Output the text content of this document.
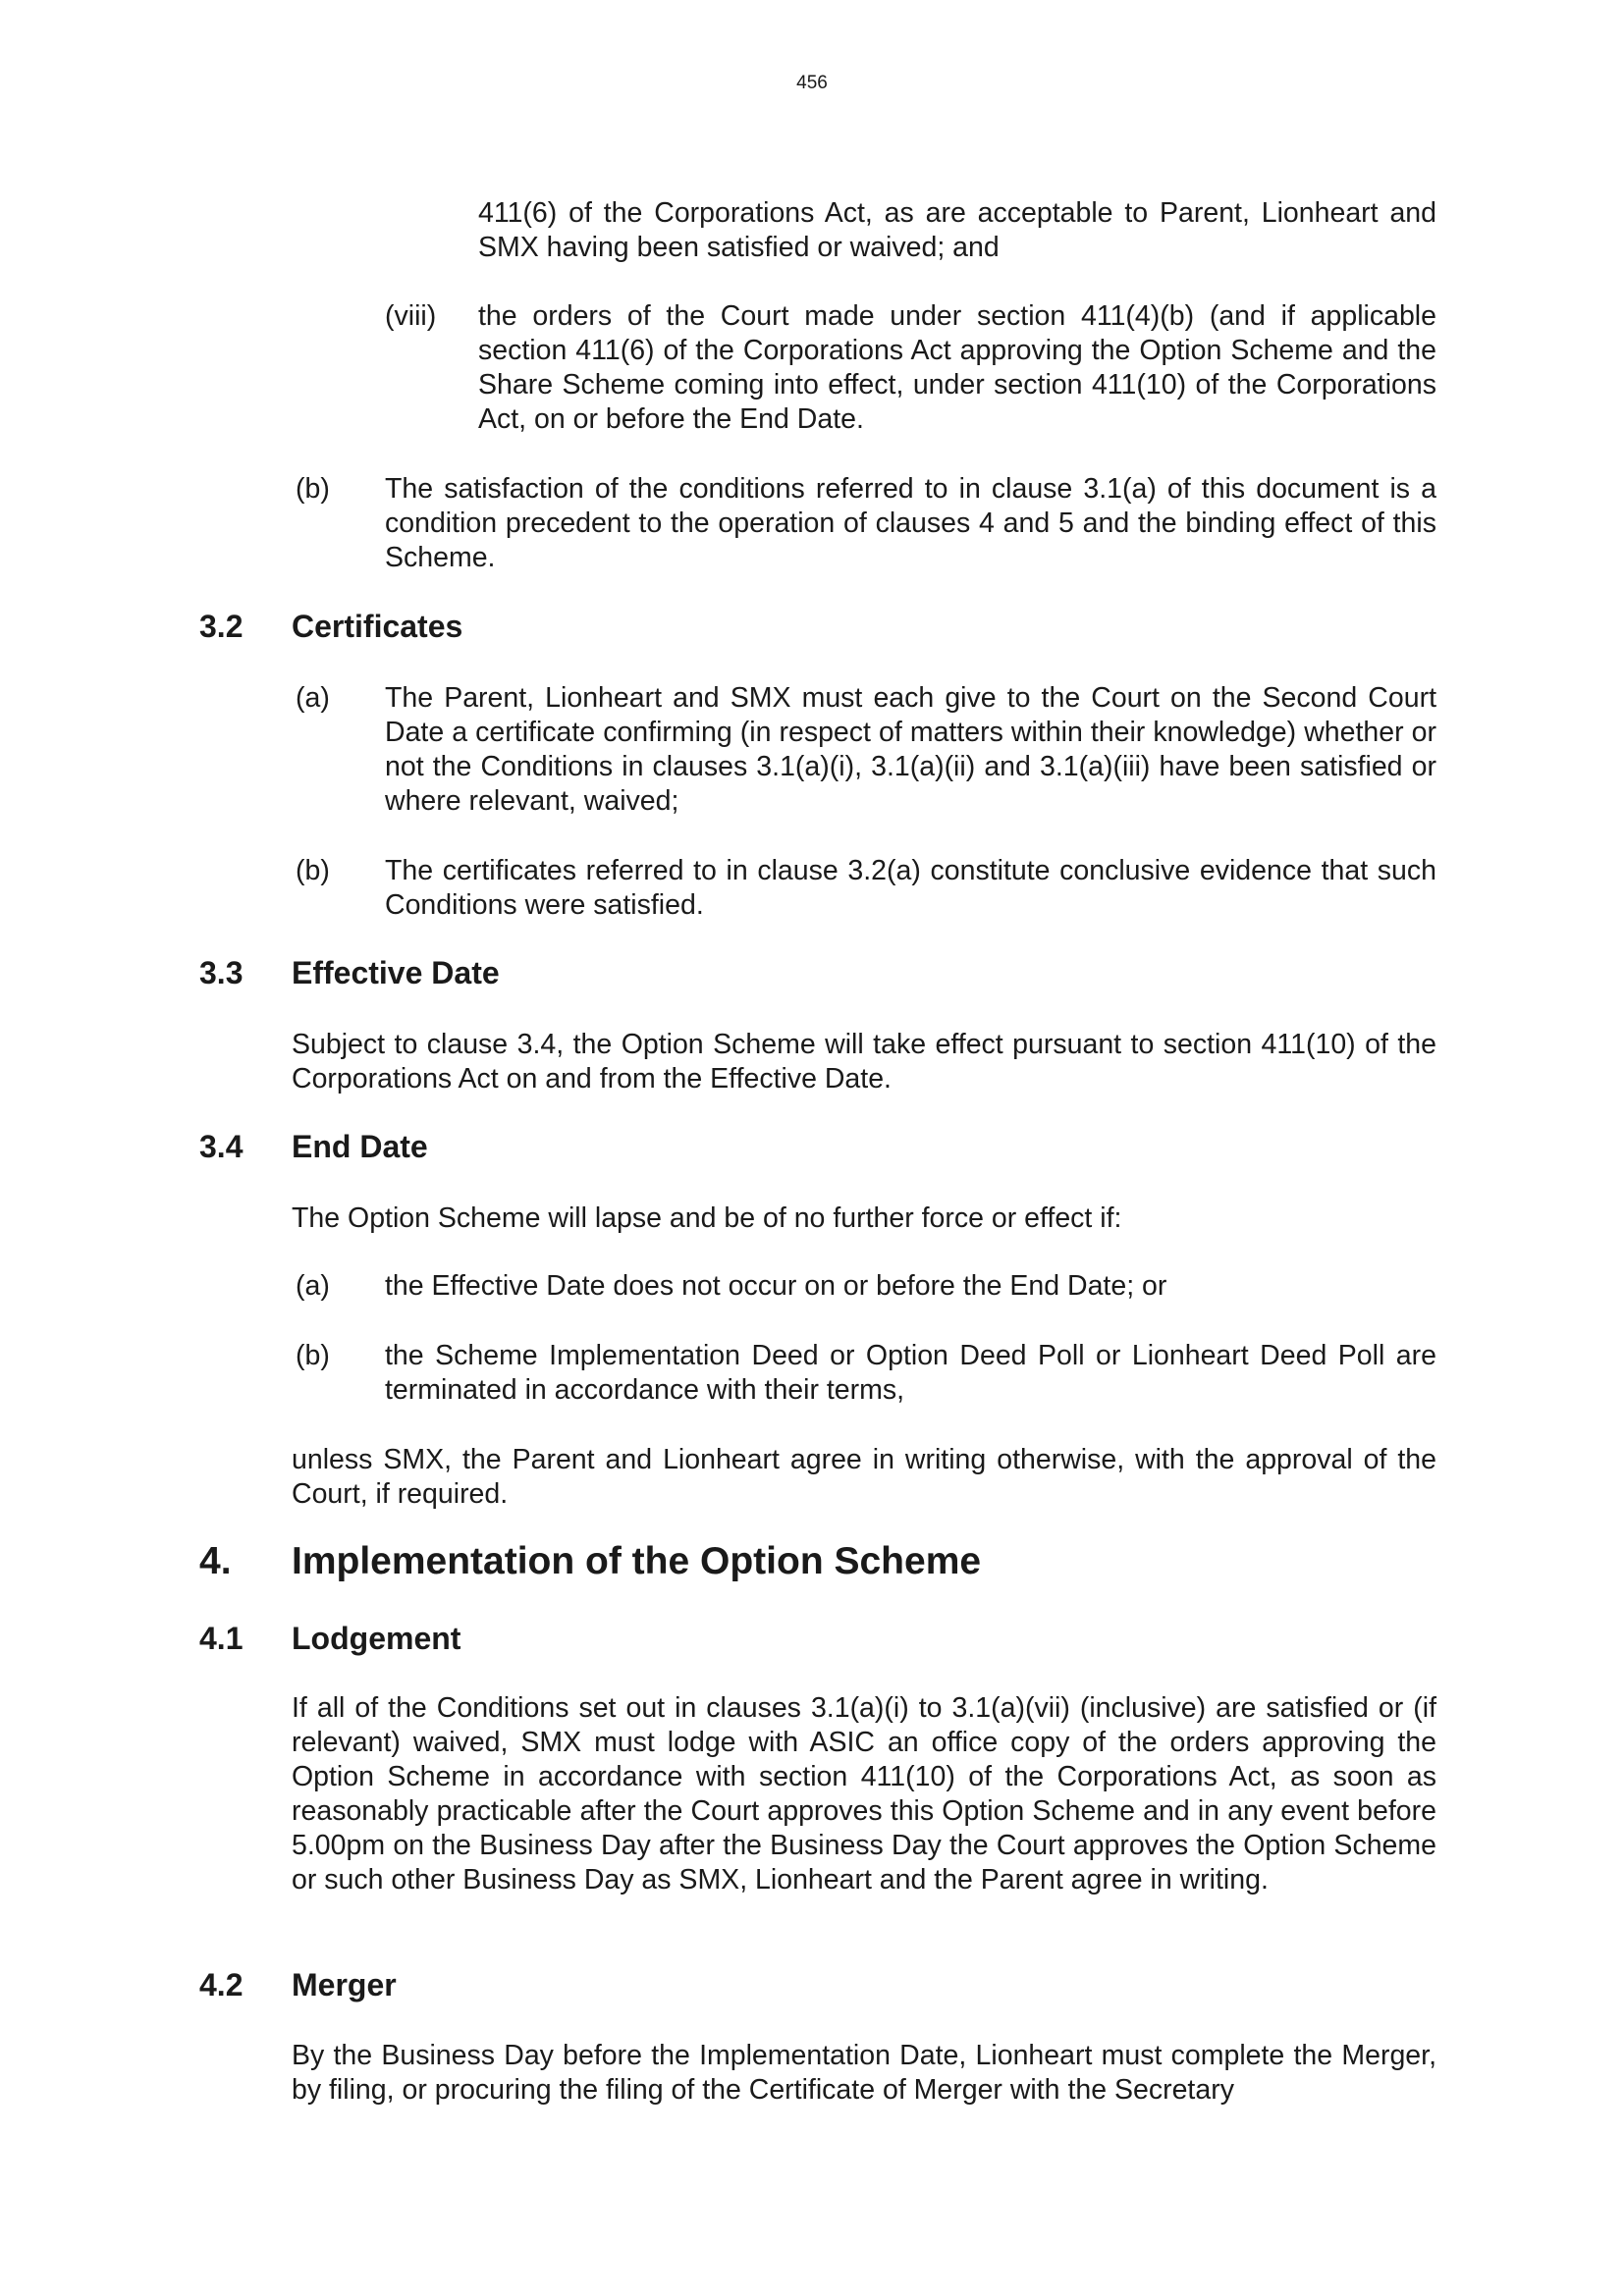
456
411(6) of the Corporations Act, as are acceptable to Parent, Lionheart and SMX having been satisfied or waived; and
(viii) the orders of the Court made under section 411(4)(b) (and if applicable section 411(6) of the Corporations Act approving the Option Scheme and the Share Scheme coming into effect, under section 411(10) of the Corporations Act, on or before the End Date.
(b) The satisfaction of the conditions referred to in clause 3.1(a) of this document is a condition precedent to the operation of clauses 4 and 5 and the binding effect of this Scheme.
3.2 Certificates
(a) The Parent, Lionheart and SMX must each give to the Court on the Second Court Date a certificate confirming (in respect of matters within their knowledge) whether or not the Conditions in clauses 3.1(a)(i), 3.1(a)(ii) and 3.1(a)(iii) have been satisfied or where relevant, waived;
(b) The certificates referred to in clause 3.2(a) constitute conclusive evidence that such Conditions were satisfied.
3.3 Effective Date
Subject to clause 3.4, the Option Scheme will take effect pursuant to section 411(10) of the Corporations Act on and from the Effective Date.
3.4 End Date
The Option Scheme will lapse and be of no further force or effect if:
(a) the Effective Date does not occur on or before the End Date; or
(b) the Scheme Implementation Deed or Option Deed Poll or Lionheart Deed Poll are terminated in accordance with their terms,
unless SMX, the Parent and Lionheart agree in writing otherwise, with the approval of the Court, if required.
4. Implementation of the Option Scheme
4.1 Lodgement
If all of the Conditions set out in clauses 3.1(a)(i) to 3.1(a)(vii) (inclusive) are satisfied or (if relevant) waived, SMX must lodge with ASIC an office copy of the orders approving the Option Scheme in accordance with section 411(10) of the Corporations Act, as soon as reasonably practicable after the Court approves this Option Scheme and in any event before 5.00pm on the Business Day after the Business Day the Court approves the Option Scheme or such other Business Day as SMX, Lionheart and the Parent agree in writing.
4.2 Merger
By the Business Day before the Implementation Date, Lionheart must complete the Merger, by filing, or procuring the filing of the Certificate of Merger with the Secretary
